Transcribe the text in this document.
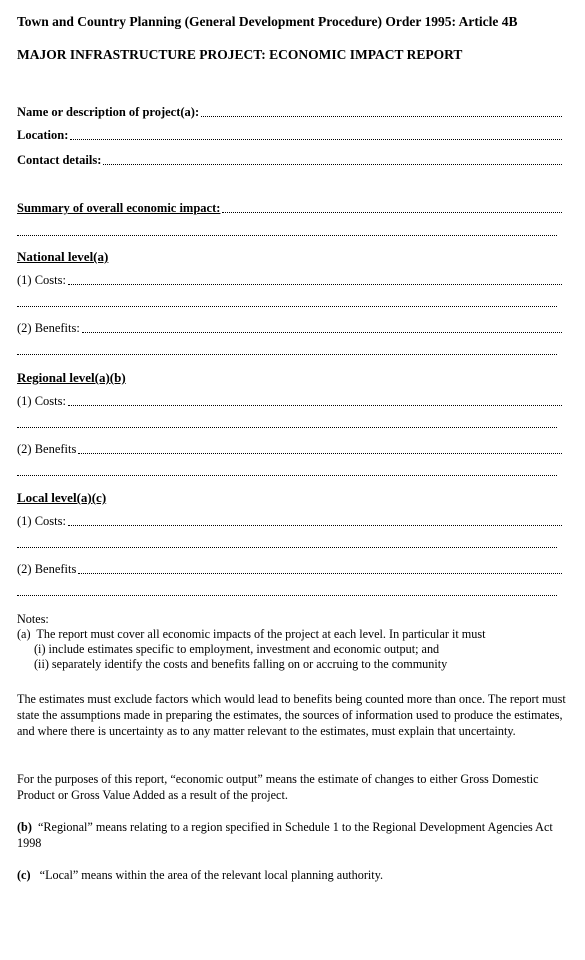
Town and Country Planning (General Development Procedure) Order 1995: Article 4B
MAJOR INFRASTRUCTURE PROJECT: ECONOMIC IMPACT REPORT
Name or description of project(a):
Location:
Contact details:
Summary of overall economic impact:
National level(a)
(1) Costs:
(2) Benefits:
Regional level(a)(b)
(1) Costs:
(2) Benefits
Local level(a)(c)
(1) Costs:
(2) Benefits
Notes:
(a) The report must cover all economic impacts of the project at each level. In particular it must
(i) include estimates specific to employment, investment and economic output; and
(ii) separately identify the costs and benefits falling on or accruing to the community
The estimates must exclude factors which would lead to benefits being counted more than once. The report must state the assumptions made in preparing the estimates, the sources of information used to produce the estimates, and where there is uncertainty as to any matter relevant to the estimates, must explain that uncertainty.
For the purposes of this report, “economic output” means the estimate of changes to either Gross Domestic Product or Gross Value Added as a result of the project.
(b) “Regional” means relating to a region specified in Schedule 1 to the Regional Development Agencies Act 1998
(c) “Local” means within the area of the relevant local planning authority.
